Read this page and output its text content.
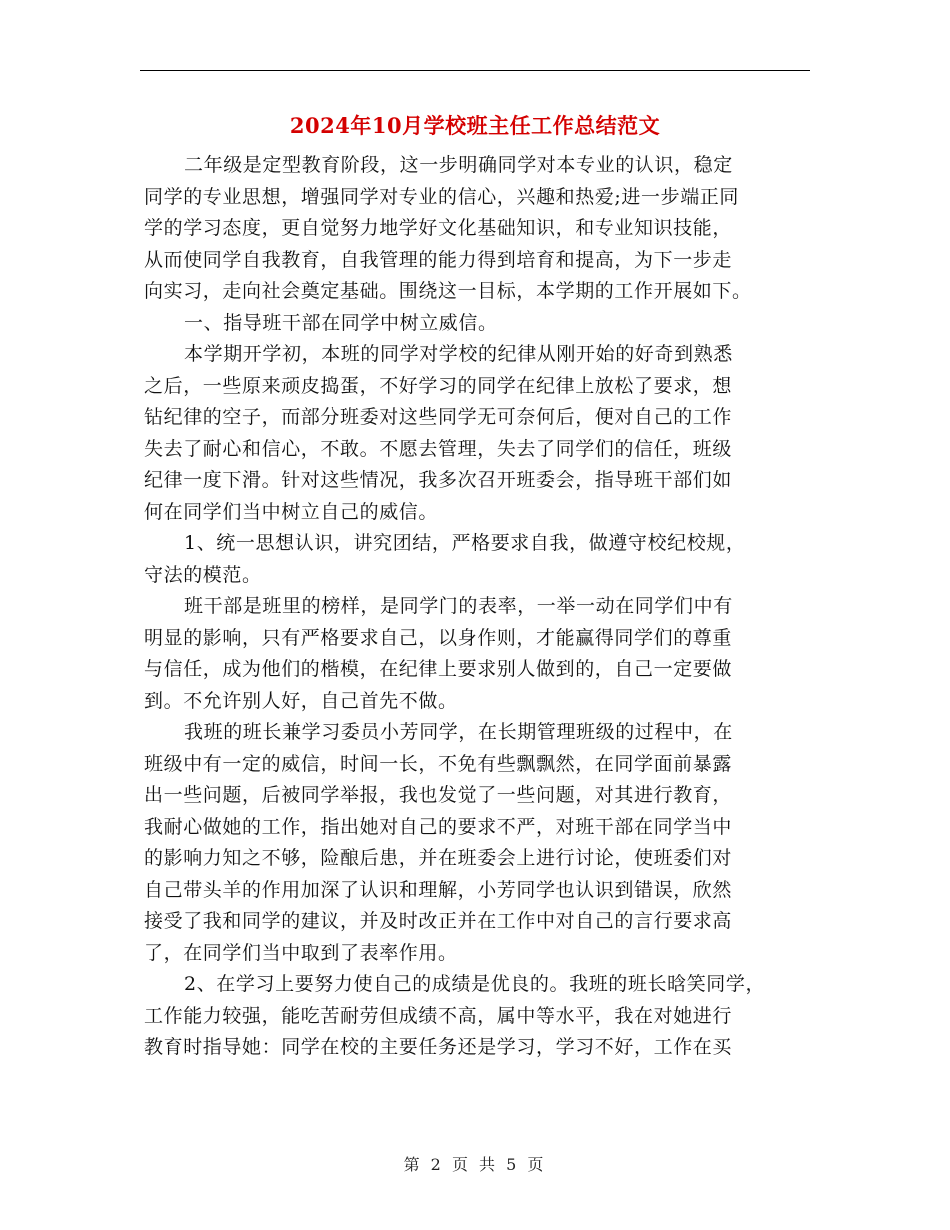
2024年10月学校班主任工作总结范文
二年级是定型教育阶段，这一步明确同学对本专业的认识，稳定
同学的专业思想，增强同学对专业的信心，兴趣和热爱;进一步端正同
学的学习态度，更自觉努力地学好文化基础知识，和专业知识技能，
从而使同学自我教育，自我管理的能力得到培育和提高，为下一步走
向实习，走向社会奠定基础。围绕这一目标，本学期的工作开展如下。
一、指导班干部在同学中树立威信。
本学期开学初，本班的同学对学校的纪律从刚开始的好奇到熟悉
之后，一些原来顽皮捣蛋，不好学习的同学在纪律上放松了要求，想
钻纪律的空子，而部分班委对这些同学无可奈何后，便对自己的工作
失去了耐心和信心，不敢。不愿去管理，失去了同学们的信任，班级
纪律一度下滑。针对这些情况，我多次召开班委会，指导班干部们如
何在同学们当中树立自己的威信。
1、统一思想认识，讲究团结，严格要求自我，做遵守校纪校规，
守法的模范。
班干部是班里的榜样，是同学门的表率，一举一动在同学们中有
明显的影响，只有严格要求自己，以身作则，才能赢得同学们的尊重
与信任，成为他们的楷模，在纪律上要求别人做到的，自己一定要做
到。不允许别人好，自己首先不做。
我班的班长兼学习委员小芳同学，在长期管理班级的过程中，在
班级中有一定的威信，时间一长，不免有些飘飘然，在同学面前暴露
出一些问题，后被同学举报，我也发觉了一些问题，对其进行教育，
我耐心做她的工作，指出她对自己的要求不严，对班干部在同学当中
的影响力知之不够，险酿后患，并在班委会上进行讨论，使班委们对
自己带头羊的作用加深了认识和理解，小芳同学也认识到错误，欣然
接受了我和同学的建议，并及时改正并在工作中对自己的言行要求高
了，在同学们当中取到了表率作用。
2、在学习上要努力使自己的成绩是优良的。我班的班长晗笑同学，
工作能力较强，能吃苦耐劳但成绩不高，属中等水平，我在对她进行
教育时指导她：同学在校的主要任务还是学习，学习不好，工作在买
第 2 页 共 5 页
